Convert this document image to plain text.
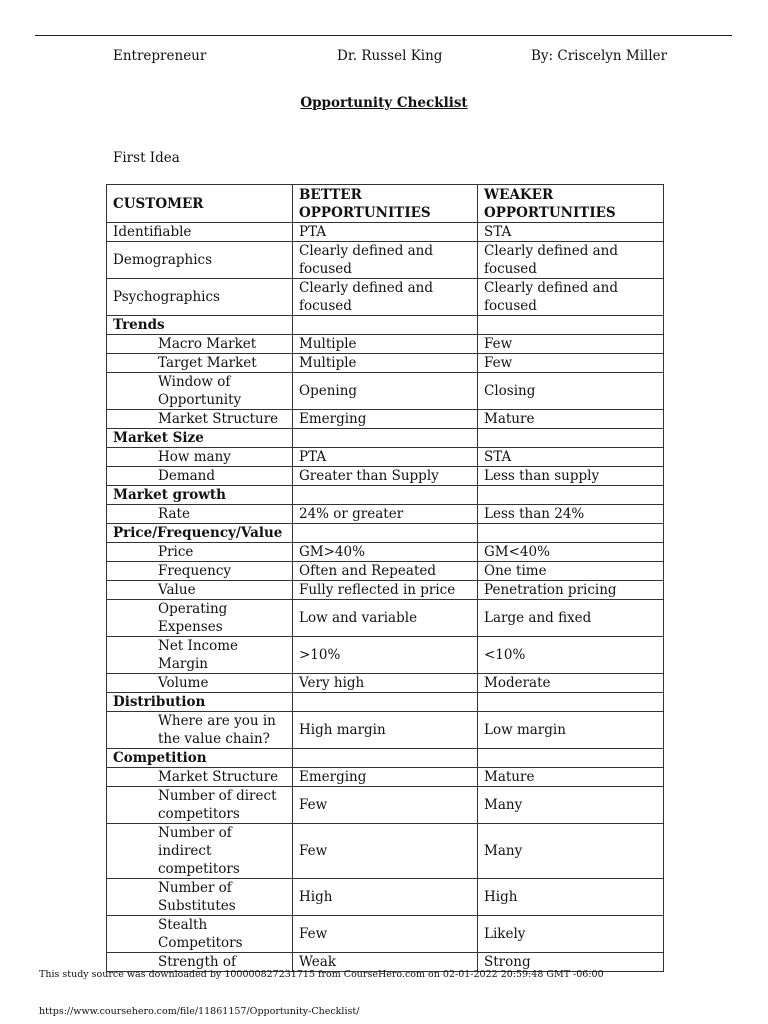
Entrepreneur	Dr. Russel King	By: Criscelyn Miller
Opportunity Checklist
First Idea
CUSTOMER	BETTER OPPORTUNITIES	WEAKER OPPORTUNITIES
Identifiable	PTA	STA
Demographics	Clearly defined and focused	Clearly defined and focused
Psychographics	Clearly defined and focused	Clearly defined and focused
Trends		
Macro Market	Multiple	Few
Target Market	Multiple	Few
Window of Opportunity	Opening	Closing
Market Structure	Emerging	Mature
Market Size		
How many	PTA	STA
Demand	Greater than Supply	Less than supply
Market growth		
Rate	24% or greater	Less than 24%
Price/Frequency/Value		
Price	GM>40%	GM<40%
Frequency	Often and Repeated	One time
Value	Fully reflected in price	Penetration pricing
Operating Expenses	Low and variable	Large and fixed
Net Income Margin	>10%	<10%
Volume	Very high	Moderate
Distribution		
Where are you in the value chain?	High margin	Low margin
Competition		
Market Structure	Emerging	Mature
Number of direct competitors	Few	Many
Number of indirect competitors	Few	Many
Number of Substitutes	High	High
Stealth Competitors	Few	Likely
Strength of	Weak	Strong
This study source was downloaded by 100000827231715 from CourseHero.com on 02-01-2022 20:59:48 GMT -06:00
https://www.coursehero.com/file/11861157/Opportunity-Checklist/
